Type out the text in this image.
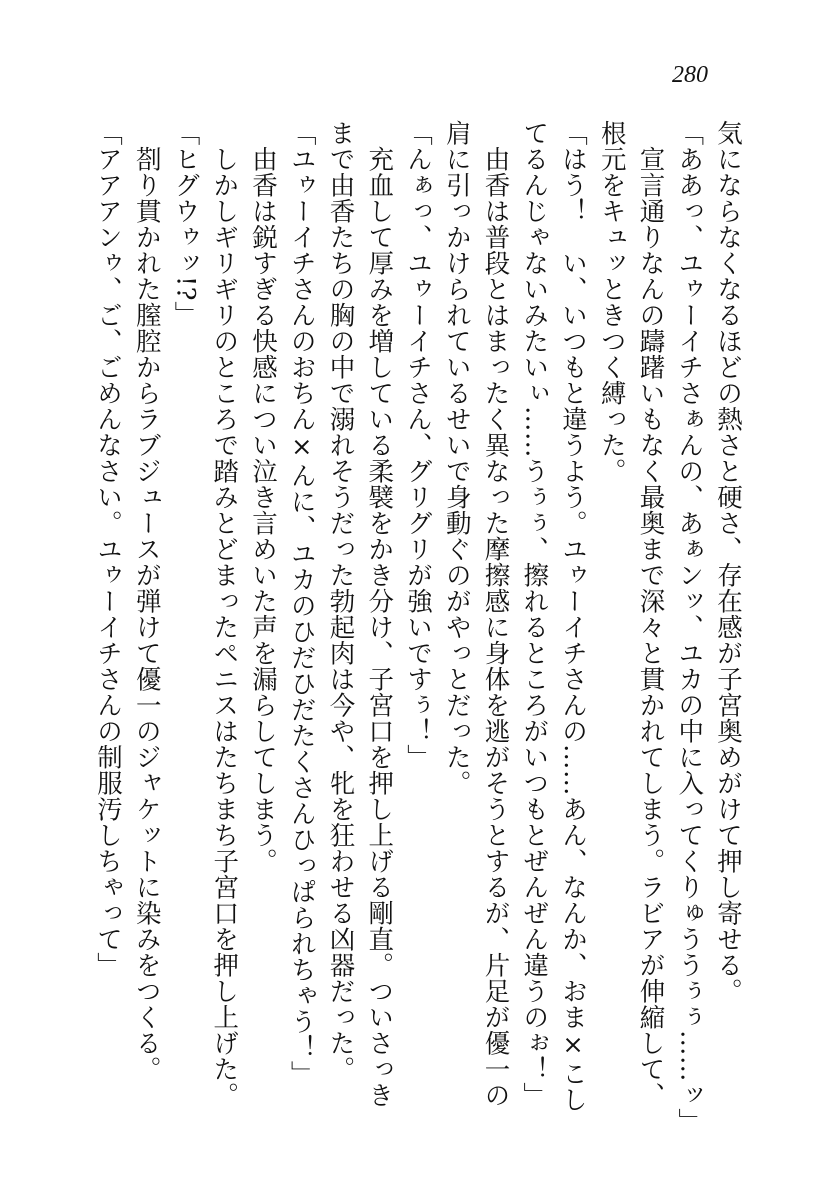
280
気にならなくなるほどの熱さと硬さ、存在感が子宮奥めがけて押し寄せる。
「ああっ、ユゥーイチさぁんの、あぁンッ、ユカの中に入ってくりゅううぅぅ……ッ」
　宣言通りなんの躊躇いもなく最奥まで深々と貫かれてしまう。ラビアが伸縮して、
根元をキュッときつく縛った。
「はう！　い、いつもと違うよう。ユゥーイチさんの……あん、なんか、おま×こし
てるんじゃないみたいぃ……うぅぅ、擦れるところがいつもとぜんぜん違うのぉ！」
　由香は普段とはまったく異なった摩擦感に身体を逃がそうとするが、片足が優一の
肩に引っかけられているせいで身動ぐのがやっとだった。
「んぁっ、ユゥーイチさん、グリグリが強いですぅ！」
　充血して厚みを増している柔襞をかき分け、子宮口を押し上げる剛直。ついさっき
まで由香たちの胸の中で溺れそうだった勃起肉は今や、牝を狂わせる凶器だった。
「ユゥーイチさんのおちん×んに、ユカのひだひだたくさんひっぱられちゃう！」
　由香は鋭すぎる快感につい泣き言めいた声を漏らしてしまう。
　しかしギリギリのところで踏みとどまったペニスはたちまち子宮口を押し上げた。
「ヒグウゥッ!?」
　剳り貫かれた膣腔からラブジュースが弾けて優一のジャケットに染みをつくる。
「アアアンゥ、ご、ごめんなさい。ユゥーイチさんの制服汚しちゃって」
